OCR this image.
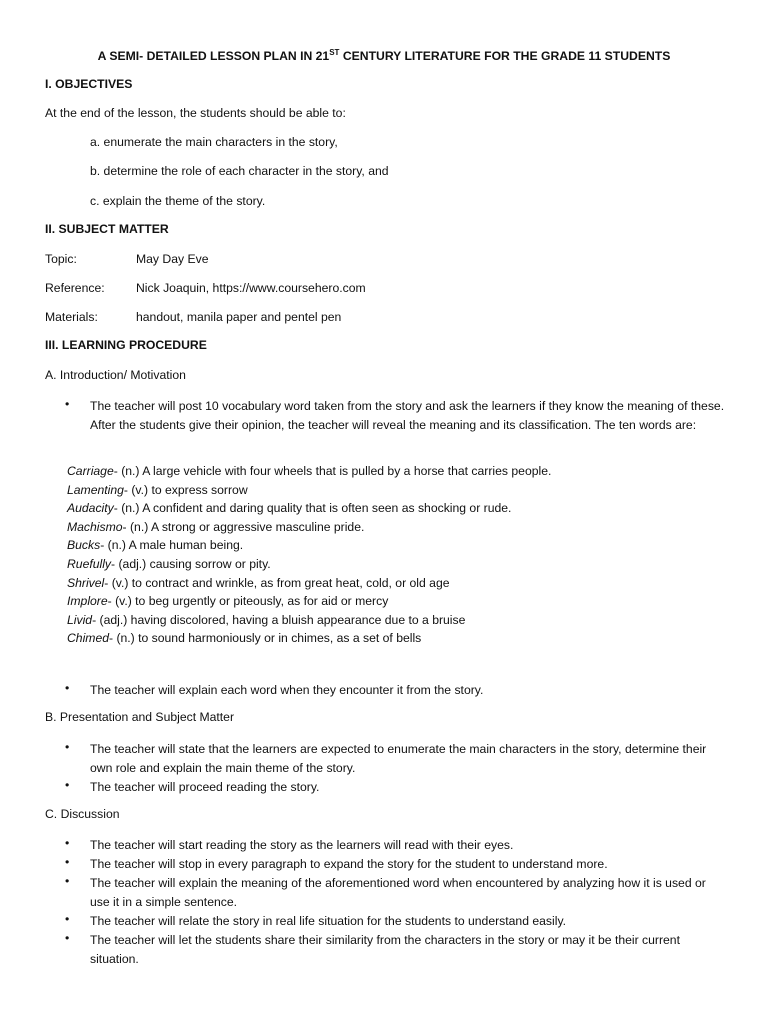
A SEMI- DETAILED LESSON PLAN IN 21ST CENTURY LITERATURE FOR THE GRADE 11 STUDENTS
I. OBJECTIVES
At the end of the lesson, the students should be able to:
a. enumerate the main characters in the story,
b. determine the role of each character in the story, and
c. explain the theme of the story.
II. SUBJECT MATTER
Topic:	May Day Eve
Reference:	Nick Joaquin, https://www.coursehero.com
Materials:	handout, manila paper and pentel pen
III. LEARNING PROCEDURE
A. Introduction/ Motivation
• The teacher will post 10 vocabulary word taken from the story and ask the learners if they know the meaning of these. After the students give their opinion, the teacher will reveal the meaning and its classification. The ten words are:
Carriage- (n.) A large vehicle with four wheels that is pulled by a horse that carries people.
Lamenting- (v.) to express sorrow
Audacity- (n.) A confident and daring quality that is often seen as shocking or rude.
Machismo- (n.) A strong or aggressive masculine pride.
Bucks- (n.) A male human being.
Ruefully- (adj.) causing sorrow or pity.
Shrivel- (v.) to contract and wrinkle, as from great heat, cold, or old age
Implore- (v.) to beg urgently or piteously, as for aid or mercy
Livid- (adj.) having discolored, having a bluish appearance due to a bruise
Chimed- (n.) to sound harmoniously or in chimes, as a set of bells
• The teacher will explain each word when they encounter it from the story.
B. Presentation and Subject Matter
• The teacher will state that the learners are expected to enumerate the main characters in the story, determine their own role and explain the main theme of the story.
• The teacher will proceed reading the story.
C. Discussion
• The teacher will start reading the story as the learners will read with their eyes.
• The teacher will stop in every paragraph to expand the story for the student to understand more.
• The teacher will explain the meaning of the aforementioned word when encountered by analyzing how it is used or use it in a simple sentence.
• The teacher will relate the story in real life situation for the students to understand easily.
• The teacher will let the students share their similarity from the characters in the story or may it be their current situation.
